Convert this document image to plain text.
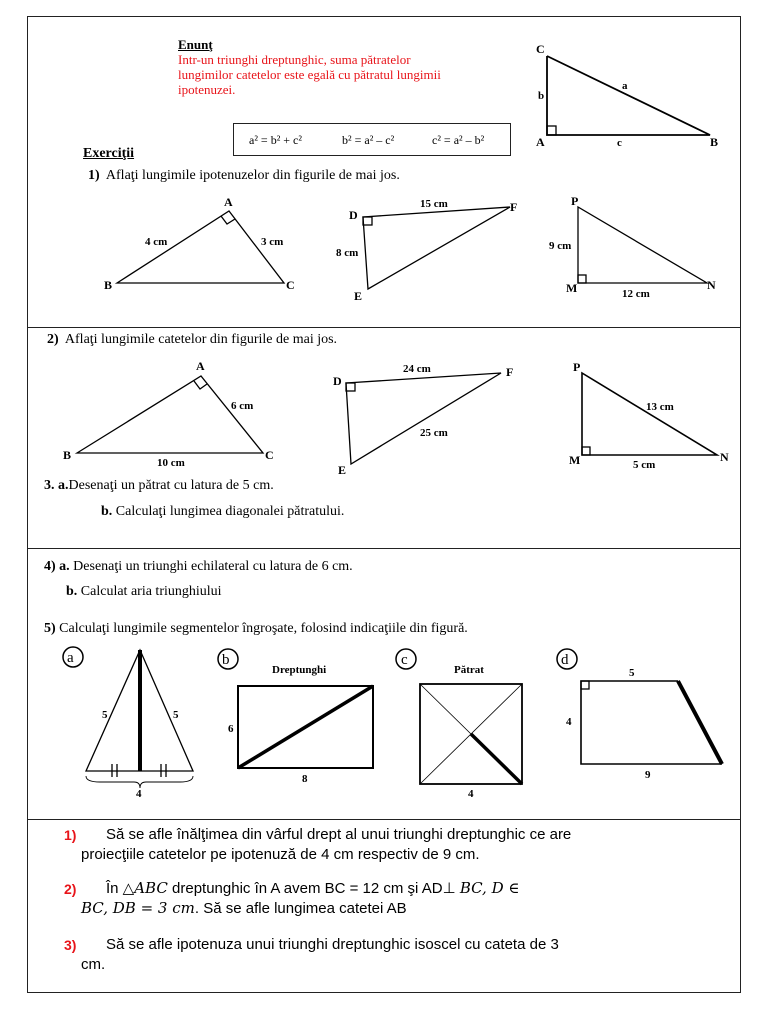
Enunţ
Intr-un triunghi dreptunghic, suma pătratelor lungimilor catetelor este egală cu pătratul lungimii ipotenuzei.
a² = b² + c²	b² = a² – c²	c² = a² – b²
Exerciţii
1) Aflaţi lungimile ipotenuzelor din figurile de mai jos.
2) Aflaţi lungimile catetelor din figurile de mai jos.
3. a.Desenaţi un pătrat cu latura de 5 cm.
b. Calculaţi lungimea diagonalei pătratului.
4) a. Desenaţi un triunghi echilateral cu latura de 6 cm.
b. Calculat aria triunghiului
5) Calculaţi lungimile segmentelor îngroşate, folosind indicaţiile din figură.
C
A	B
a
b
c
A
B	C
4 cm	3 cm
D
E
F
15 cm
8 cm
P
M	N
9 cm
12 cm
A
B	C
6 cm
10 cm
D
E
F
24 cm
25 cm
P
M	N
13 cm
5 cm
a	b	c	d
5	5
4
Dreptunghi
6
8
Pătrat
4
5
4
9
1) Să se afle înălţimea din vârful drept al unui triunghi dreptunghic ce are
proiecţiile catetelor pe ipotenuză de 4 cm respectiv de 9 cm.
2) În △ABC dreptunghic în A avem BC = 12 cm şi AD⊥ BC, D ∈
BC, DB = 3 cm. Să se afle lungimea catetei AB
3) Să se afle ipotenuza unui triunghi dreptunghic isoscel cu cateta de 3
cm.
